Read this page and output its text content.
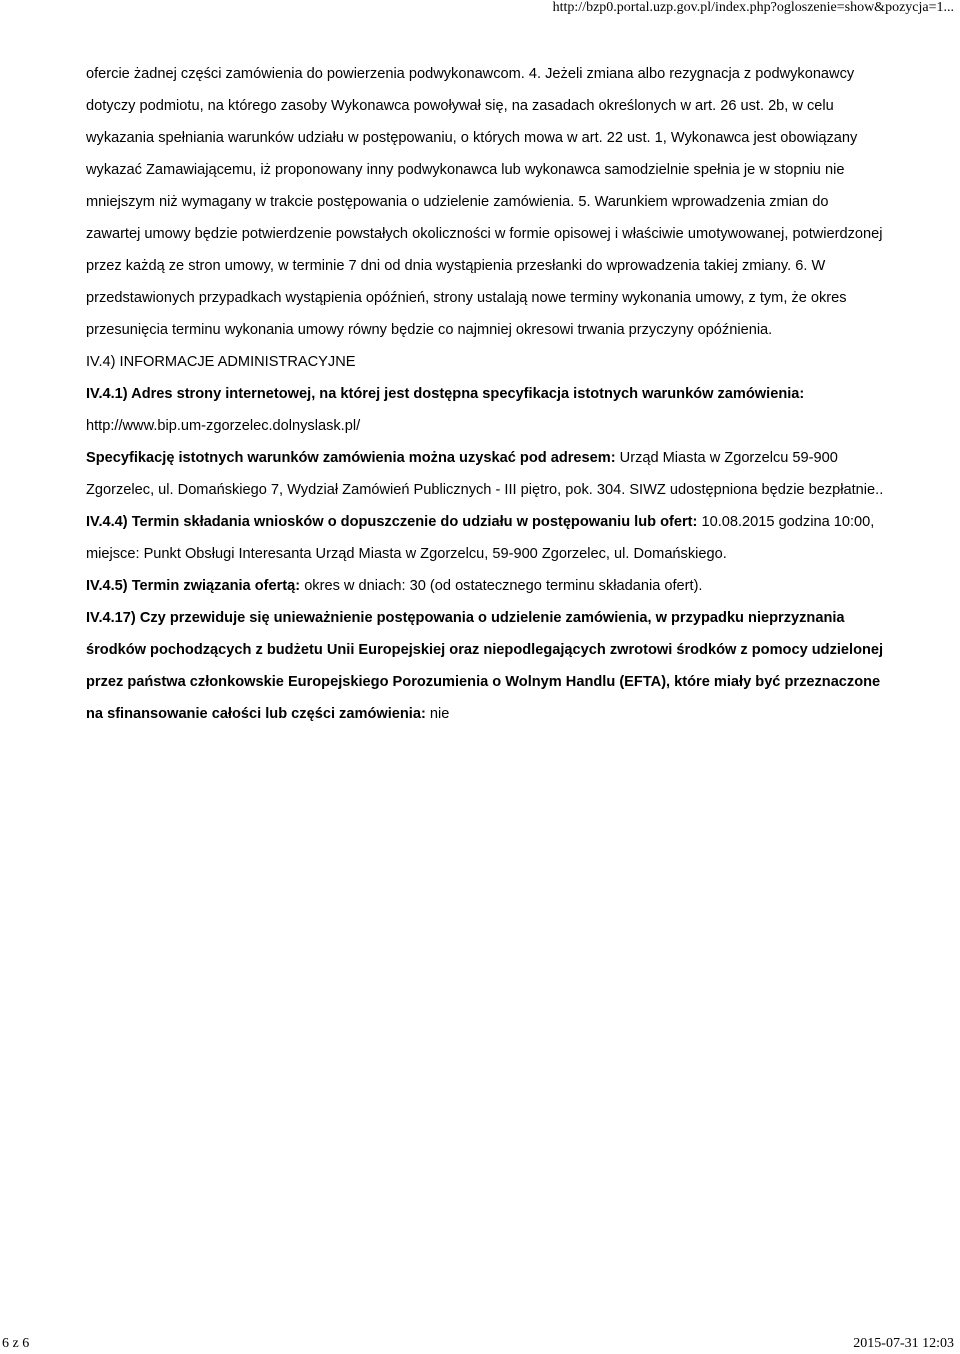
http://bzp0.portal.uzp.gov.pl/index.php?ogloszenie=show&pozycja=1...

ofercie żadnej części zamówienia do powierzenia podwykonawcom. 4. Jeżeli zmiana albo rezygnacja z podwykonawcy dotyczy podmiotu, na którego zasoby Wykonawca powoływał się, na zasadach określonych w art. 26 ust. 2b, w celu wykazania spełniania warunków udziału w postępowaniu, o których mowa w art. 22 ust. 1, Wykonawca jest obowiązany wykazać Zamawiającemu, iż proponowany inny podwykonawca lub wykonawca samodzielnie spełnia je w stopniu nie mniejszym niż wymagany w trakcie postępowania o udzielenie zamówienia. 5. Warunkiem wprowadzenia zmian do zawartej umowy będzie potwierdzenie powstałych okoliczności w formie opisowej i właściwie umotywowanej, potwierdzonej przez każdą ze stron umowy, w terminie 7 dni od dnia wystąpienia przesłanki do wprowadzenia takiej zmiany. 6. W przedstawionych przypadkach wystąpienia opóźnień, strony ustalają nowe terminy wykonania umowy, z tym, że okres przesunięcia terminu wykonania umowy równy będzie co najmniej okresowi trwania przyczyny opóźnienia.

IV.4) INFORMACJE ADMINISTRACYJNE

IV.4.1) Adres strony internetowej, na której jest dostępna specyfikacja istotnych warunków zamówienia: http://www.bip.um-zgorzelec.dolnyslask.pl/

Specyfikację istotnych warunków zamówienia można uzyskać pod adresem: Urząd Miasta w Zgorzelcu 59-900 Zgorzelec, ul. Domańskiego 7, Wydział Zamówień Publicznych - III piętro, pok. 304. SIWZ udostępniona będzie bezpłatnie..

IV.4.4) Termin składania wniosków o dopuszczenie do udziału w postępowaniu lub ofert: 10.08.2015 godzina 10:00, miejsce: Punkt Obsługi Interesanta Urząd Miasta w Zgorzelcu, 59-900 Zgorzelec, ul. Domańskiego.

IV.4.5) Termin związania ofertą: okres w dniach: 30 (od ostatecznego terminu składania ofert).

IV.4.17) Czy przewiduje się unieważnienie postępowania o udzielenie zamówienia, w przypadku nieprzyznania środków pochodzących z budżetu Unii Europejskiej oraz niepodlegających zwrotowi środków z pomocy udzielonej przez państwa członkowskie Europejskiego Porozumienia o Wolnym Handlu (EFTA), które miały być przeznaczone na sfinansowanie całości lub części zamówienia: nie

6 z 6	2015-07-31 12:03
